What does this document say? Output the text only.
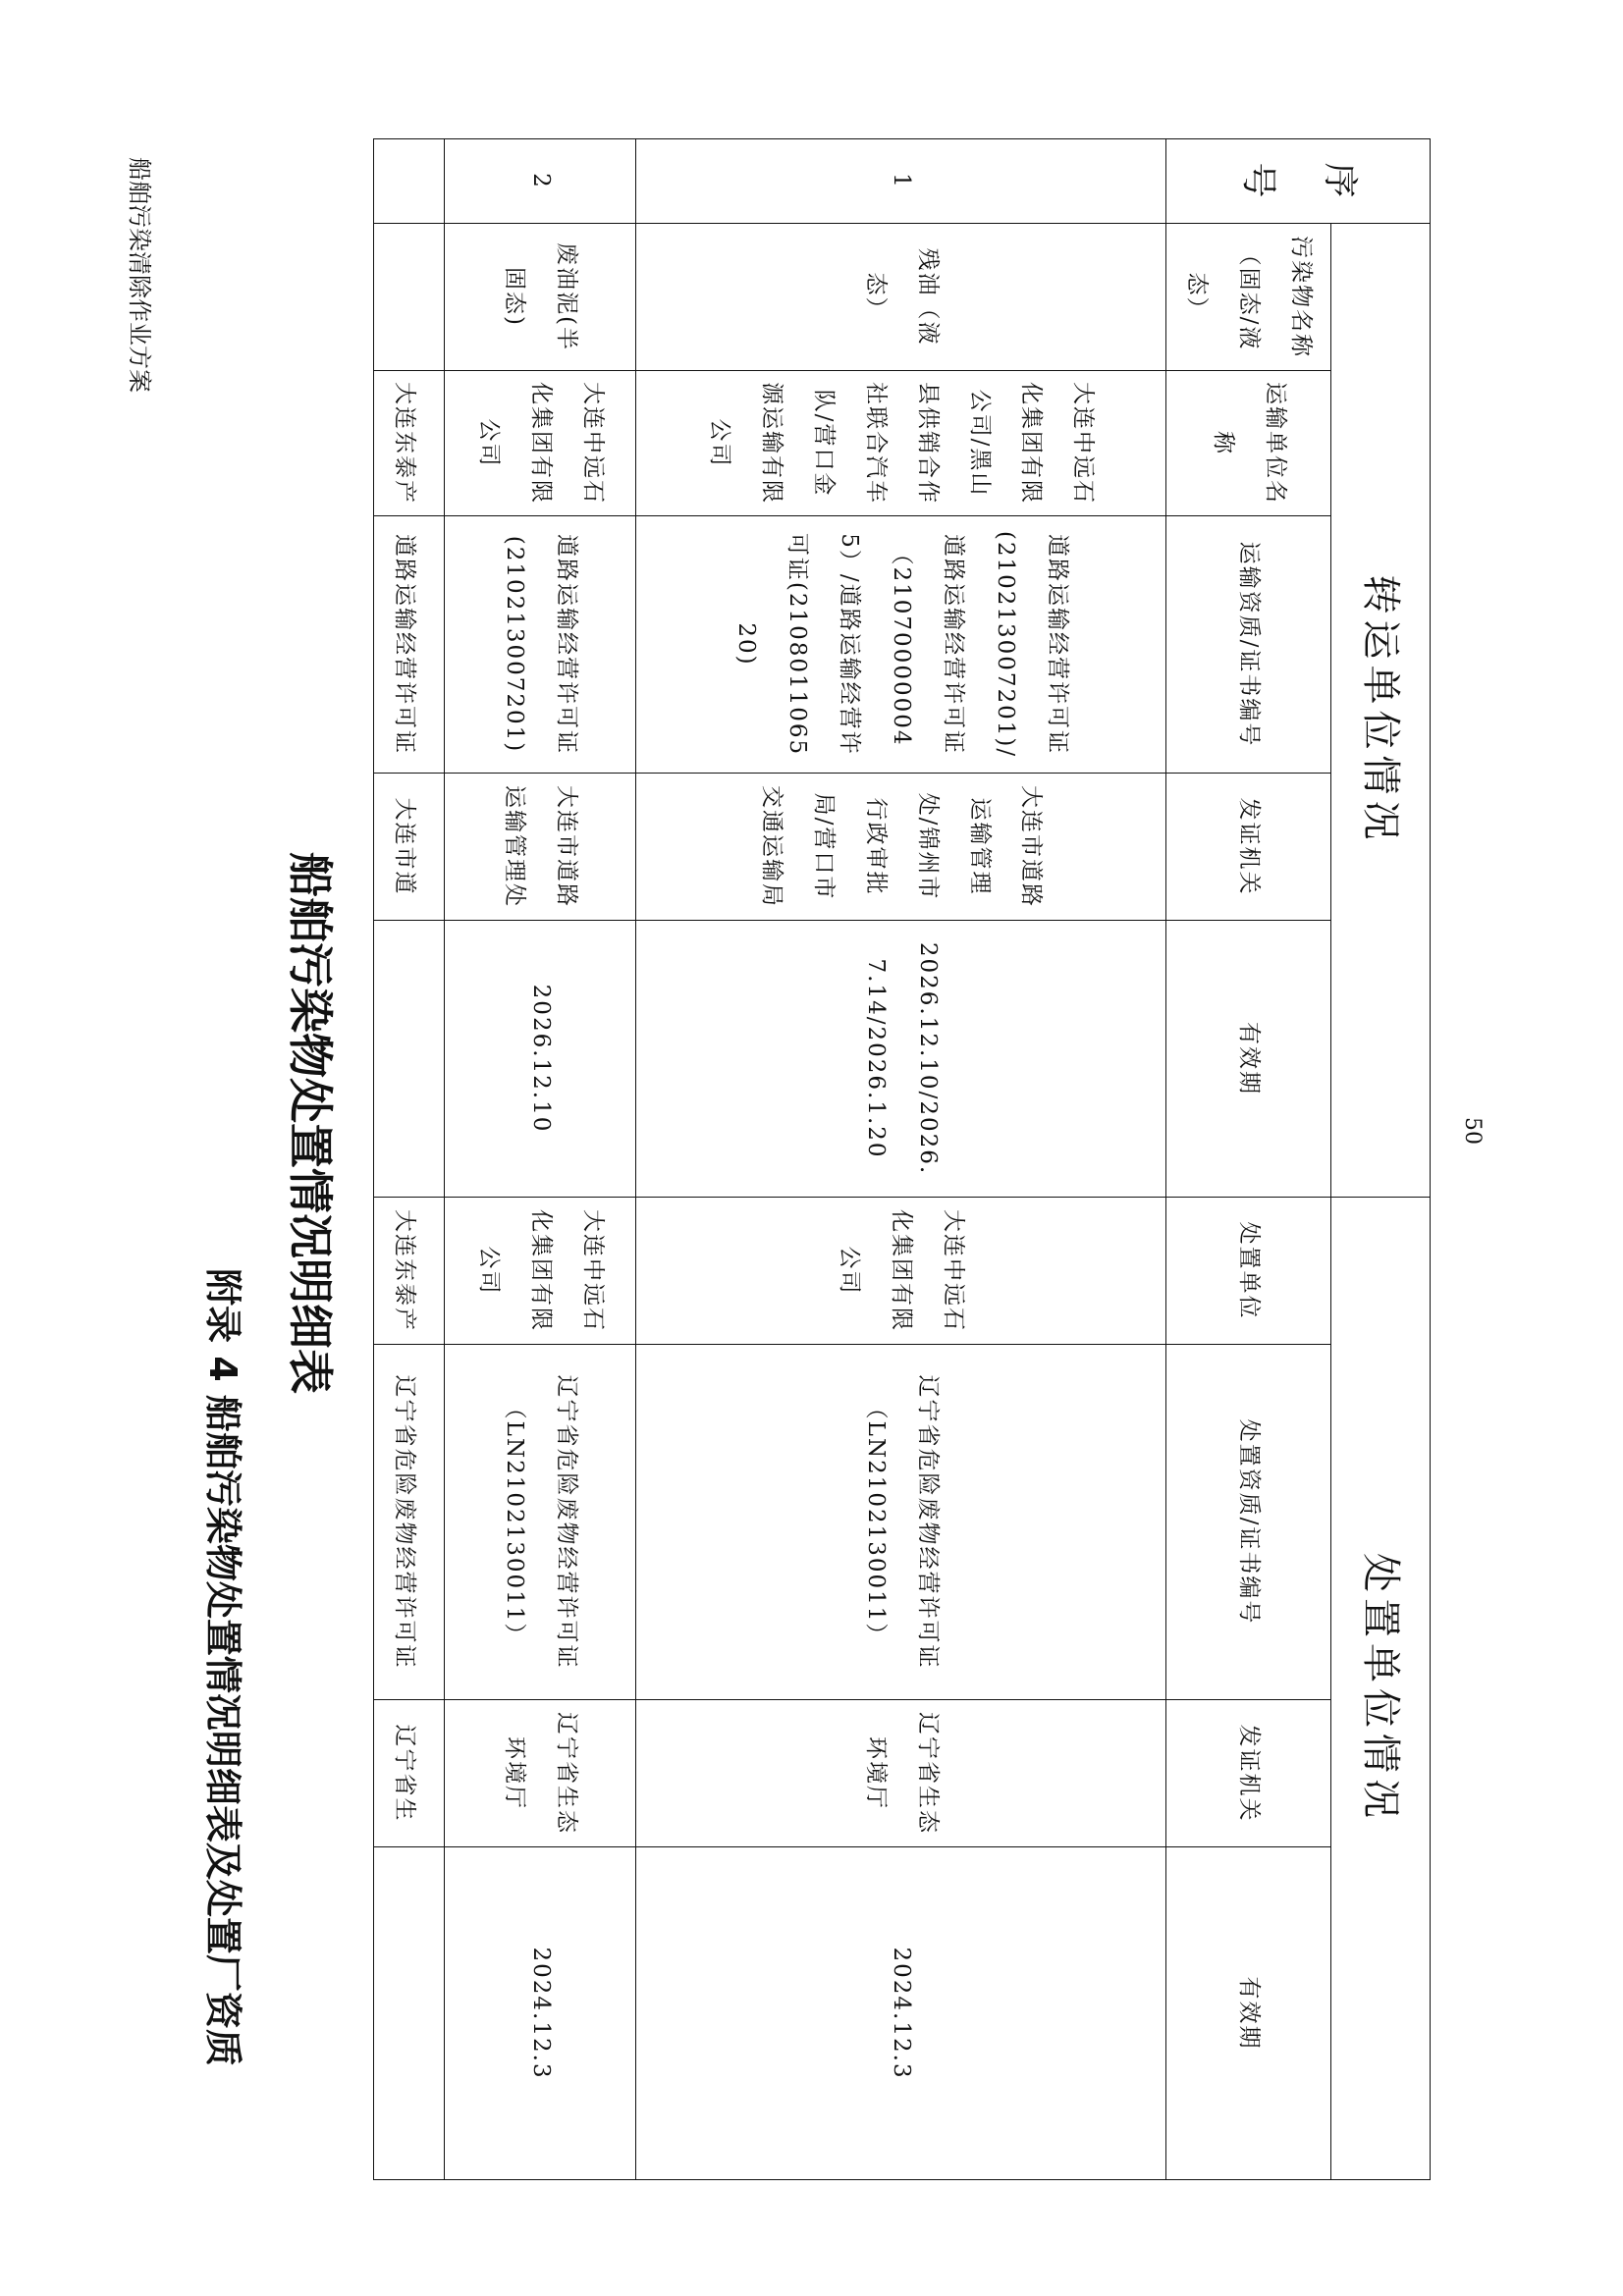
船舶污染清除作业方案
附录 4 船舶污染物处置情况明细表及处置厂资质
船舶污染物处置情况明细表	50
序号	转运单位情况					处置单位情况			
	污染物名称（固态/液态）	运输单位名称	运输资质/证书编号	发证机关	有效期	处置单位	处置资质/证书编号	发证机关	有效期
1	残油（液态）	大连中远石化集团有限公司/黑山县供销合作社联合汽车队/营口金源运输有限公司	道路运输经营许可证(210213007201)/道路运输经营许可证（210700000045）/道路运输经营许可证(210801106520)	大连市道路运输管理处/锦州市行政审批局/营口市交通运输局	2026.12.10/2026.7.14/2026.1.20	大连中远石化集团有限公司	辽宁省危险废物经营许可证（LN2102130011）	辽宁省生态环境厅	2024.12.3
2	废油泥(半固态)	大连中远石化集团有限公司	道路运输经营许可证(210213007201)	大连市道路运输管理处	2026.12.10	大连中远石化集团有限公司	辽宁省危险废物经营许可证（LN2102130011）	辽宁省生态环境厅	2024.12.3
		大连东泰产	道路运输经营许可证	大连市道		大连东泰产	辽宁省危险废物经营许可证	辽宁省生	
